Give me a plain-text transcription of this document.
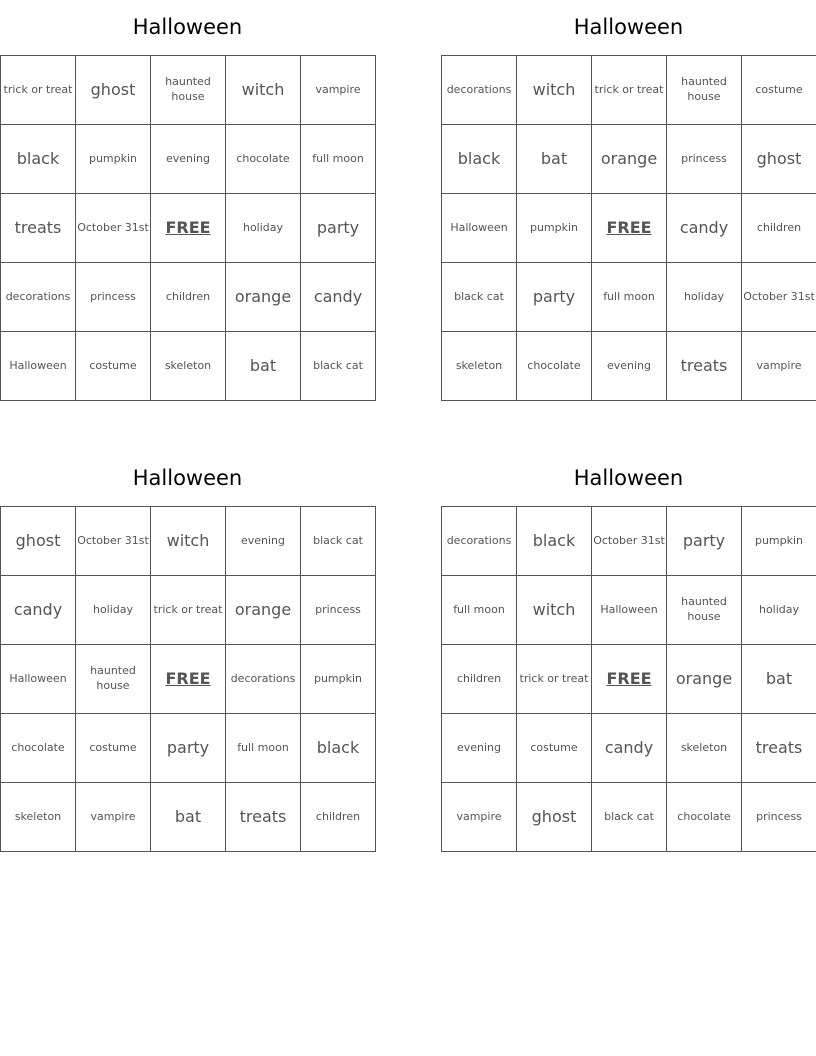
Halloween
trick or treat	ghost	haunted house	witch	vampire
black	pumpkin	evening	chocolate	full moon
treats	October 31st	FREE	holiday	party
decorations	princess	children	orange	candy
Halloween	costume	skeleton	bat	black cat
Halloween
decorations	witch	trick or treat	haunted house	costume
black	bat	orange	princess	ghost
Halloween	pumpkin	FREE	candy	children
black cat	party	full moon	holiday	October 31st
skeleton	chocolate	evening	treats	vampire
Halloween
ghost	October 31st	witch	evening	black cat
candy	holiday	trick or treat	orange	princess
Halloween	haunted house	FREE	decorations	pumpkin
chocolate	costume	party	full moon	black
skeleton	vampire	bat	treats	children
Halloween
decorations	black	October 31st	party	pumpkin
full moon	witch	Halloween	haunted house	holiday
children	trick or treat	FREE	orange	bat
evening	costume	candy	skeleton	treats
vampire	ghost	black cat	chocolate	princess
